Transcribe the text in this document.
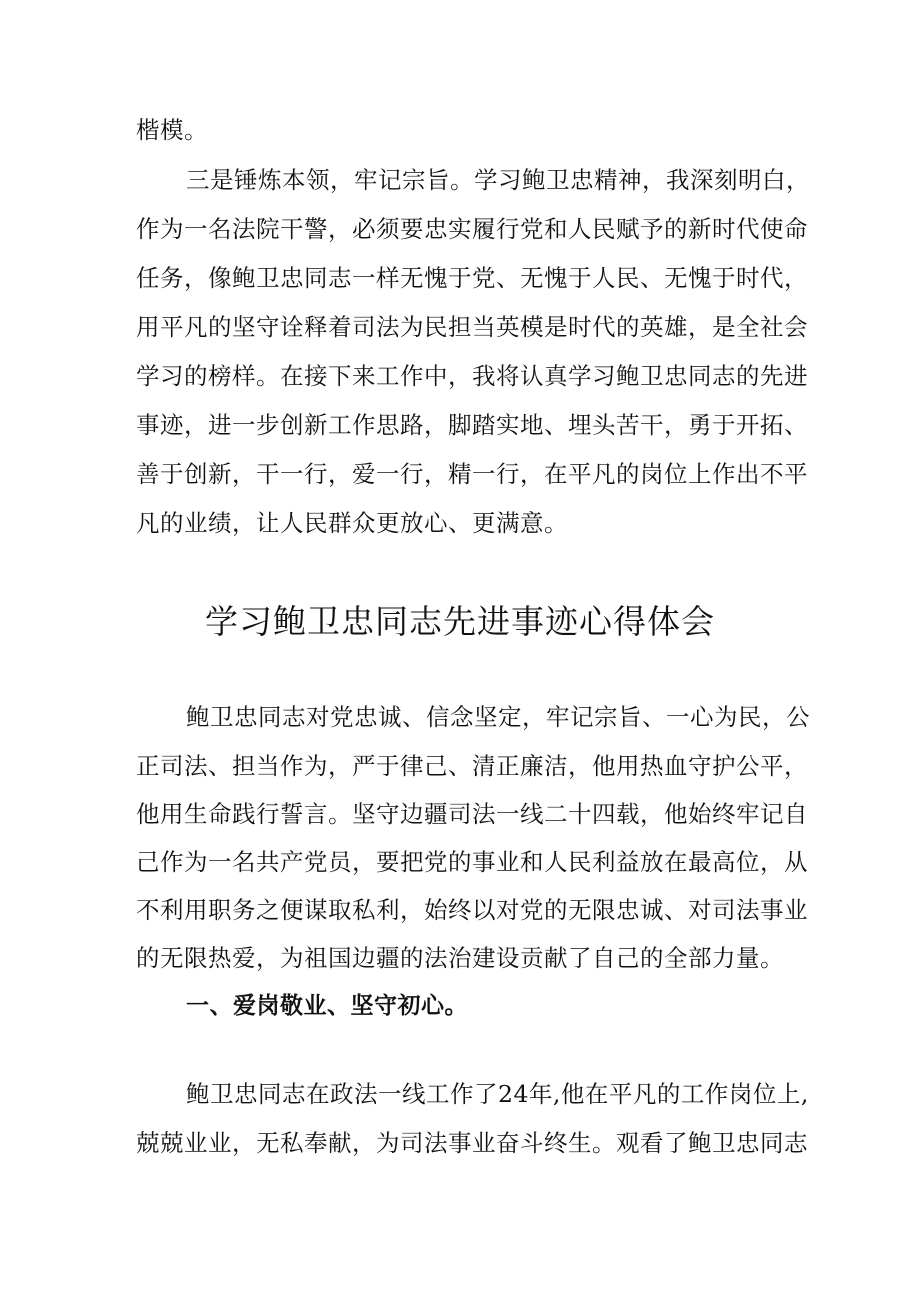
楷模。
三是锤炼本领，牢记宗旨。学习鲍卫忠精神，我深刻明白，
作为一名法院干警，必须要忠实履行党和人民赋予的新时代使命
任务，像鲍卫忠同志一样无愧于党、无愧于人民、无愧于时代，
用平凡的坚守诠释着司法为民担当英模是时代的英雄，是全社会
学习的榜样。在接下来工作中，我将认真学习鲍卫忠同志的先进
事迹，进一步创新工作思路，脚踏实地、埋头苦干，勇于开拓、
善于创新，干一行，爱一行，精一行，在平凡的岗位上作出不平
凡的业绩，让人民群众更放心、更满意。
学习鲍卫忠同志先进事迹心得体会
鲍卫忠同志对党忠诚、信念坚定，牢记宗旨、一心为民，公
正司法、担当作为，严于律己、清正廉洁，他用热血守护公平，
他用生命践行誓言。坚守边疆司法一线二十四载，他始终牢记自
己作为一名共产党员，要把党的事业和人民利益放在最高位，从
不利用职务之便谋取私利，始终以对党的无限忠诚、对司法事业
的无限热爱，为祖国边疆的法治建设贡献了自己的全部力量。
一、爱岗敬业、坚守初心。
鲍卫忠同志在政法一线工作了24年,他在平凡的工作岗位上,
兢兢业业，无私奉献，为司法事业奋斗终生。观看了鲍卫忠同志
